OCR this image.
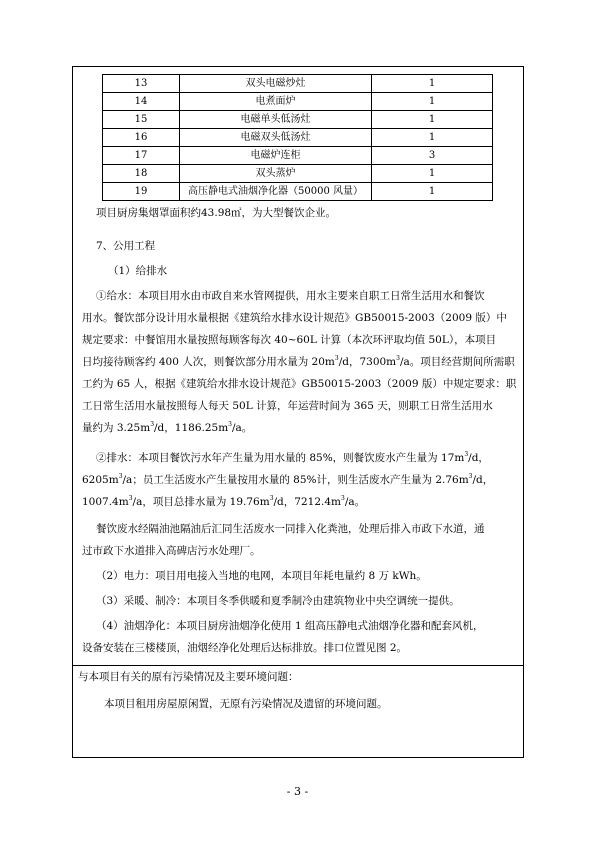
13	双头电磁炒灶	1
14	电煮面炉	1
15	电磁单头低汤灶	1
16	电磁双头低汤灶	1
17	电磁炉连柜	3
18	双头蒸炉	1
19	高压静电式油烟净化器（50000 风量）	1
项目厨房集烟罩面积约43.98㎡，为大型餐饮企业。
7、公用工程
（1）给排水
①给水：本项目用水由市政自来水管网提供，用水主要来自职工日常生活用水和餐饮
用水。餐饮部分设计用水量根据《建筑给水排水设计规范》GB50015-2003（2009 版）中
规定要求：中餐馆用水量按照每顾客每次 40~60L 计算（本次环评取均值 50L），本项目
日均接待顾客约 400 人次，则餐饮部分用水量为 $20m^3/d$，$7300m^3/a$。项目经营期间所需职
工约为 65 人，根据《建筑给水排水设计规范》GB50015-2003（2009 版）中规定要求：职
工日常生活用水量按照每人每天 50L 计算，年运营时间为 365 天，则职工日常生活用水
量约为 $3.25m^3/d$，$1186.25m^3/a$。
②排水：本项目餐饮污水年产生量为用水量的 85%，则餐饮废水产生量为 $17m^3/d$，
$6205m^3/a$；员工生活废水产生量按用水量的 85%计，则生活废水产生量为 $2.76m^3/d$，
$1007.4m^3/a$，项目总排水量为 $19.76m^3/d$，$7212.4m^3/a$。
餐饮废水经隔油池隔油后汇同生活废水一同排入化粪池，处理后排入市政下水道，通
过市政下水道排入高碑店污水处理厂。
（2）电力：项目用电接入当地的电网，本项目年耗电量约 8 万 kWh。
（3）采暖、制冷：本项目冬季供暖和夏季制冷由建筑物业中央空调统一提供。
（4）油烟净化：本项目厨房油烟净化使用 1 组高压静电式油烟净化器和配套风机，
设备安装在三楼楼顶，油烟经净化处理后达标排放。排口位置见图 2。
与本项目有关的原有污染情况及主要环境问题：
本项目租用房屋原闲置，无原有污染情况及遗留的环境问题。
- 3 -
